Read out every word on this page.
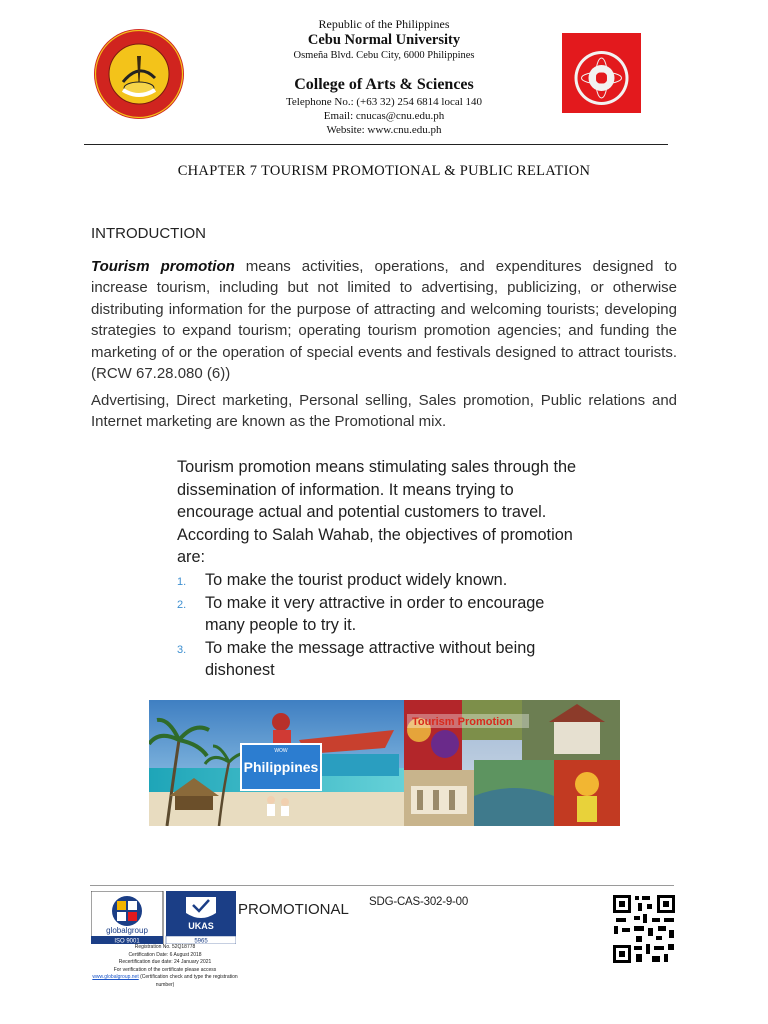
Republic of the Philippines
Cebu Normal University
Osmeña Blvd. Cebu City, 6000 Philippines
College of Arts & Sciences
Telephone No.: (+63 32) 254 6814 local 140
Email: cnucas@cnu.edu.ph
Website: www.cnu.edu.ph
CHAPTER 7 TOURISM PROMOTIONAL & PUBLIC RELATION
INTRODUCTION
Tourism promotion means activities, operations, and expenditures designed to increase tourism, including but not limited to advertising, publicizing, or otherwise distributing information for the purpose of attracting and welcoming tourists; developing strategies to expand tourism; operating tourism promotion agencies; and funding the marketing of or the operation of special events and festivals designed to attract tourists. (RCW 67.28.080 (6))
Advertising, Direct marketing, Personal selling, Sales promotion, Public relations and Internet marketing are known as the Promotional mix.

Tourism promotion means stimulating sales through the dissemination of information. It means trying to encourage actual and potential customers to travel. According to Salah Wahab, the objectives of promotion are:

1. To make the tourist product widely known.
2. To make it very attractive in order to encourage many people to try it.
3. To make the message attractive without being dishonest
WOW
Philippines
Tourism Promotion
globalgroup
ISO 9001
UKAS
5965
Registration No. 52Q18778
Certification Date: 6 August 2018
Recertification due date: 24 January 2021
For verification of the certificate please access
www.globalgroup.net (Certification check and type the registration number)
PROMOTIONAL SDG-CAS-302-9-00
